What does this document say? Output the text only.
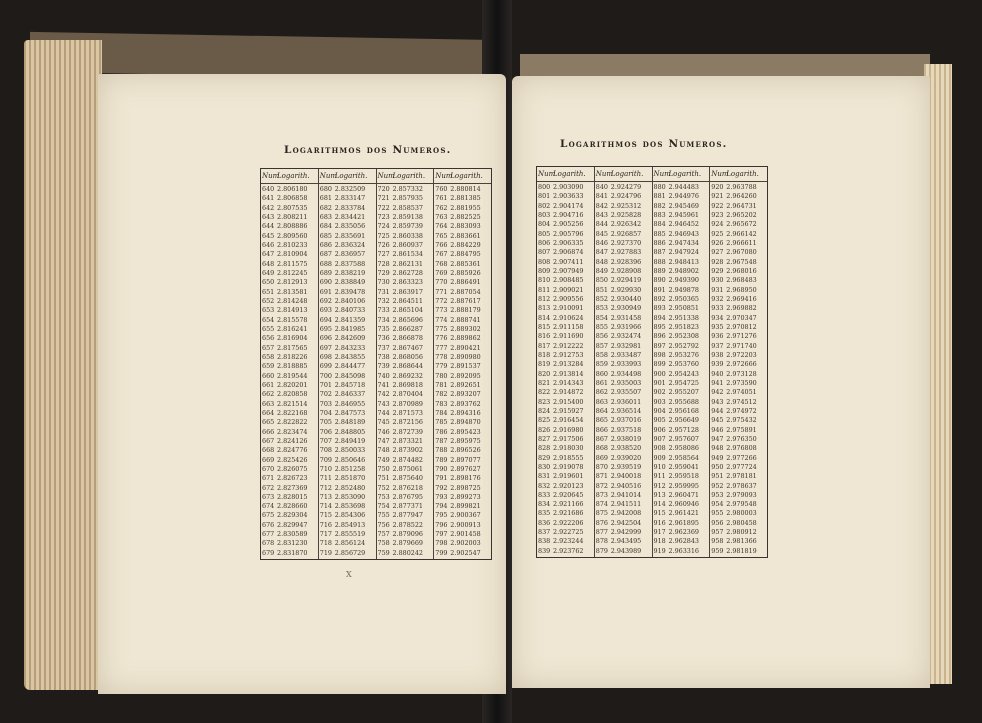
Logarithmos dos Numeros.
Num
Logarith.
640 2.806180
641 2.806858
642 2.807535
643 2.808211
644 2.808886
645 2.809560
646 2.810233
647 2.810904
648 2.811575
649 2.812245
650 2.812913
651 2.813581
652 2.814248
653 2.814913
654 2.815578
655 2.816241
656 2.816904
657 2.817565
658 2.818226
659 2.818885
660 2.819544
661 2.820201
662 2.820858
663 2.821514
664 2.822168
665 2.822822
666 2.823474
667 2.824126
668 2.824776
669 2.825426
670 2.826075
671 2.826723
672 2.827369
673 2.828015
674 2.828660
675 2.829304
676 2.829947
677 2.830589
678 2.831230
679 2.831870
Num
Logarith.
680 2.832509
681 2.833147
682 2.833784
683 2.834421
684 2.835056
685 2.835691
686 2.836324
687 2.836957
688 2.837588
689 2.838219
690 2.838849
691 2.839478
692 2.840106
693 2.840733
694 2.841359
695 2.841985
696 2.842609
697 2.843233
698 2.843855
699 2.844477
700 2.845098
701 2.845718
702 2.846337
703 2.846955
704 2.847573
705 2.848189
706 2.848805
707 2.849419
708 2.850033
709 2.850646
710 2.851258
711 2.851870
712 2.852480
713 2.853090
714 2.853698
715 2.854306
716 2.854913
717 2.855519
718 2.856124
719 2.856729
Num
Logarith.
720 2.857332
721 2.857935
722 2.858537
723 2.859138
724 2.859739
725 2.860338
726 2.860937
727 2.861534
728 2.862131
729 2.862728
730 2.863323
731 2.863917
732 2.864511
733 2.865104
734 2.865696
735 2.866287
736 2.866878
737 2.867467
738 2.868056
739 2.868644
740 2.869232
741 2.869818
742 2.870404
743 2.870989
744 2.871573
745 2.872156
746 2.872739
747 2.873321
748 2.873902
749 2.874482
750 2.875061
751 2.875640
752 2.876218
753 2.876795
754 2.877371
755 2.877947
756 2.878522
757 2.879096
758 2.879669
759 2.880242
Num
Logarith.
760 2.880814
761 2.881385
762 2.881955
763 2.882525
764 2.883093
765 2.883661
766 2.884229
767 2.884795
768 2.885361
769 2.885926
770 2.886491
771 2.887054
772 2.887617
773 2.888179
774 2.888741
775 2.889302
776 2.889862
777 2.890421
778 2.890980
779 2.891537
780 2.892095
781 2.892651
782 2.893207
783 2.893762
784 2.894316
785 2.894870
786 2.895423
787 2.895975
788 2.896526
789 2.897077
790 2.897627
791 2.898176
792 2.898725
793 2.899273
794 2.899821
795 2.900367
796 2.900913
797 2.901458
798 2.902003
799 2.902547
X
Logarithmos dos Numeros.
Num
Logarith.
800 2.903090
801 2.903633
802 2.904174
803 2.904716
804 2.905256
805 2.905796
806 2.906335
807 2.906874
808 2.907411
809 2.907949
810 2.908485
811 2.909021
812 2.909556
813 2.910091
814 2.910624
815 2.911158
816 2.911690
817 2.912222
818 2.912753
819 2.913284
820 2.913814
821 2.914343
822 2.914872
823 2.915400
824 2.915927
825 2.916454
826 2.916980
827 2.917506
828 2.918030
829 2.918555
830 2.919078
831 2.919601
832 2.920123
833 2.920645
834 2.921166
835 2.921686
836 2.922206
837 2.922725
838 2.923244
839 2.923762
Num
Logarith.
840 2.924279
841 2.924796
842 2.925312
843 2.925828
844 2.926342
845 2.926857
846 2.927370
847 2.927883
848 2.928396
849 2.928908
850 2.929419
851 2.929930
852 2.930440
853 2.930949
854 2.931458
855 2.931966
856 2.932474
857 2.932981
858 2.933487
859 2.933993
860 2.934498
861 2.935003
862 2.935507
863 2.936011
864 2.936514
865 2.937016
866 2.937518
867 2.938019
868 2.938520
869 2.939020
870 2.939519
871 2.940018
872 2.940516
873 2.941014
874 2.941511
875 2.942008
876 2.942504
877 2.942999
878 2.943495
879 2.943989
Num
Logarith.
880 2.944483
881 2.944976
882 2.945469
883 2.945961
884 2.946452
885 2.946943
886 2.947434
887 2.947924
888 2.948413
889 2.948902
890 2.949390
891 2.949878
892 2.950365
893 2.950851
894 2.951338
895 2.951823
896 2.952308
897 2.952792
898 2.953276
899 2.953760
900 2.954243
901 2.954725
902 2.955207
903 2.955688
904 2.956168
905 2.956649
906 2.957128
907 2.957607
908 2.958086
909 2.958564
910 2.959041
911 2.959518
912 2.959995
913 2.960471
914 2.960946
915 2.961421
916 2.961895
917 2.962369
918 2.962843
919 2.963316
Num
Logarith.
920 2.963788
921 2.964260
922 2.964731
923 2.965202
924 2.965672
925 2.966142
926 2.966611
927 2.967080
928 2.967548
929 2.968016
930 2.968483
931 2.968950
932 2.969416
933 2.969882
934 2.970347
935 2.970812
936 2.971276
937 2.971740
938 2.972203
939 2.972666
940 2.973128
941 2.973590
942 2.974051
943 2.974512
944 2.974972
945 2.975432
946 2.975891
947 2.976350
948 2.976808
949 2.977266
950 2.977724
951 2.978181
952 2.978637
953 2.979093
954 2.979548
955 2.980003
956 2.980458
957 2.980912
958 2.981366
959 2.981819
